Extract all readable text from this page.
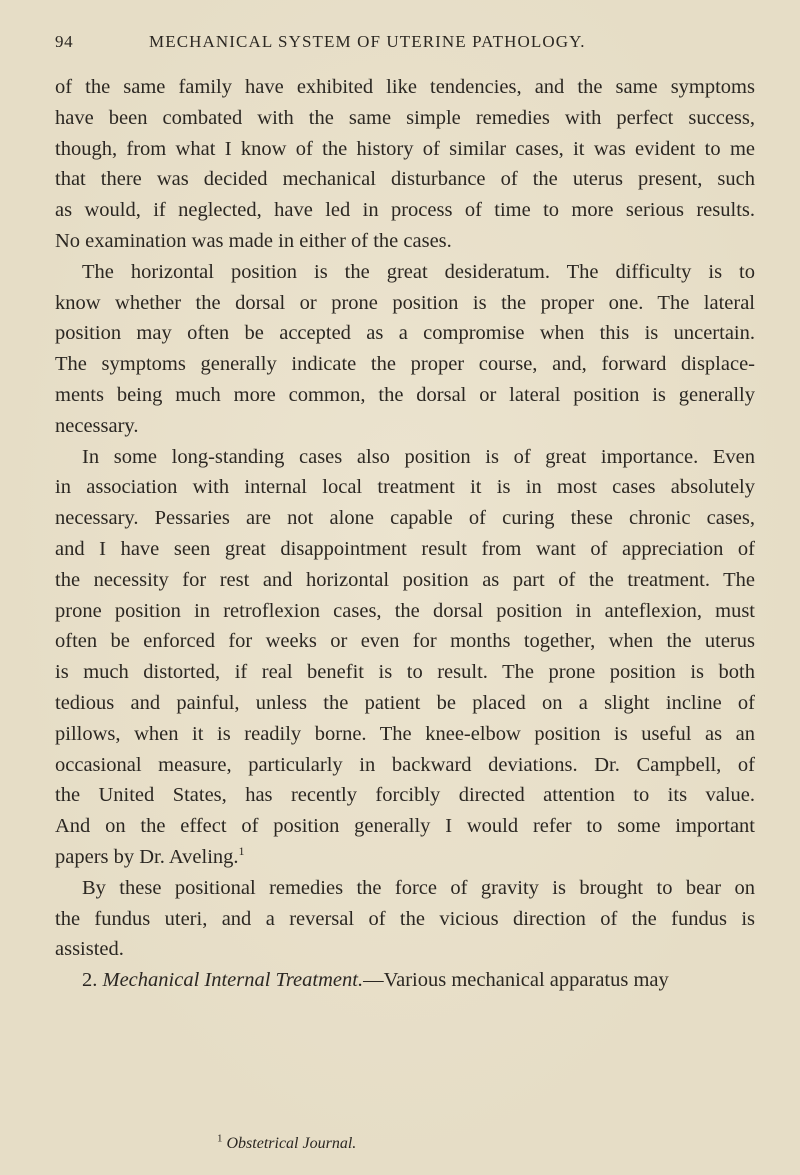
94	MECHANICAL SYSTEM OF UTERINE PATHOLOGY.
of the same family have exhibited like tendencies, and the same symptoms
have been combated with the same simple remedies with perfect success,
though, from what I know of the history of similar cases, it was evident to me
that there was decided mechanical disturbance of the uterus present, such
as would, if neglected, have led in process of time to more serious results.
No examination was made in either of the cases.
The horizontal position is the great desideratum. The difficulty is to
know whether the dorsal or prone position is the proper one. The lateral
position may often be accepted as a compromise when this is uncertain.
The symptoms generally indicate the proper course, and, forward displace-
ments being much more common, the dorsal or lateral position is generally
necessary.
In some long-standing cases also position is of great importance. Even
in association with internal local treatment it is in most cases absolutely
necessary. Pessaries are not alone capable of curing these chronic cases,
and I have seen great disappointment result from want of appreciation of
the necessity for rest and horizontal position as part of the treatment. The
prone position in retroflexion cases, the dorsal position in anteflexion, must
often be enforced for weeks or even for months together, when the uterus
is much distorted, if real benefit is to result. The prone position is both
tedious and painful, unless the patient be placed on a slight incline of
pillows, when it is readily borne. The knee-elbow position is useful as an
occasional measure, particularly in backward deviations. Dr. Campbell, of
the United States, has recently forcibly directed attention to its value.
And on the effect of position generally I would refer to some important
papers by Dr. Aveling.$^1$
By these positional remedies the force of gravity is brought to bear on
the fundus uteri, and a reversal of the vicious direction of the fundus is
assisted.
2. Mechanical Internal Treatment.—Various mechanical apparatus may
$^1$ Obstetrical Journal.
